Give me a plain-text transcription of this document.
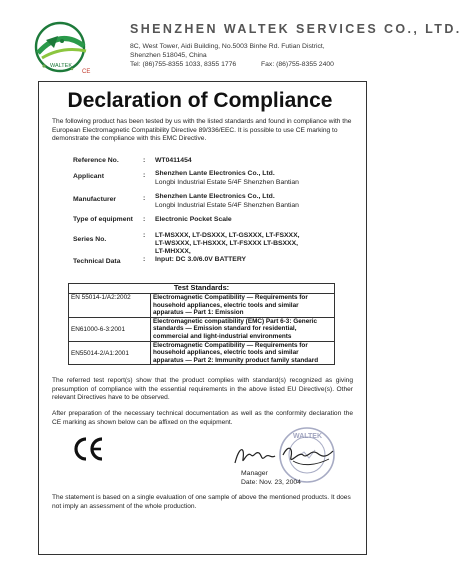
WALTEK
CE
SHENZHEN WALTEK SERVICES CO., LTD.
8C, West Tower, Aidi Building, No.5003 Binhe Rd. Futian District,
Shenzhen 518045, China
Tel: (86)755-8355 1033, 8355 1776	Fax: (86)755-8355 2400
Declaration of Compliance
The following product has been tested by us with the listed standards and found in compliance with the European Electromagnetic Compatibility Directive 89/336/EEC. It is possible to use CE marking to demonstrate the compliance with this EMC Directive.
Reference No.	: WT0411454
Applicant	: Shenzhen Lante Electronics Co., Ltd.
Longbi Industrial Estate 5/4F Shenzhen Bantian
Manufacturer	: Shenzhen Lante Electronics Co., Ltd.
Longbi Industrial Estate 5/4F Shenzhen Bantian
Type of equipment : Electronic Pocket Scale
Series No.
: LT-MSXXX, LT-DSXXX, LT-GSXXX, LT-FSXXX,
LT-WSXXX, LT-HSXXX, LT-FSXXX LT-BSXXX,
LT-MHXXX,
Technical Data	: Input: DC 3.0/6.0V BATTERY
Test Standards:	
EN 55014-1/A2:2002	Electromagnetic Compatibility — Requirements for
household appliances, electric tools and similar
apparatus — Part 1: Emission

EN61000-6-3:2001	Electromagnetic compatibility (EMC) Part 6-3: Generic
standards — Emission standard for residential,
commercial and light-industrial environments

EN55014-2/A1:2001	Electromagnetic Compatibility — Requirements for
household appliances, electric tools and similar
apparatus — Part 2: Immunity product family standard
The referred test report(s) show that the product complies with standard(s) recognized as giving presumption of compliance with the essential requirements in the above listed EU Directive(s). Other relevant Directives have to be observed.
After preparation of the necessary technical documentation as well as the conformity declaration the CE marking as shown below can be affixed on the equipment.
WALTEK
Manager
Date: Nov. 23, 2004
The statement is based on a single evaluation of one sample of above the mentioned products. It does not imply an assessment of the whole production.
